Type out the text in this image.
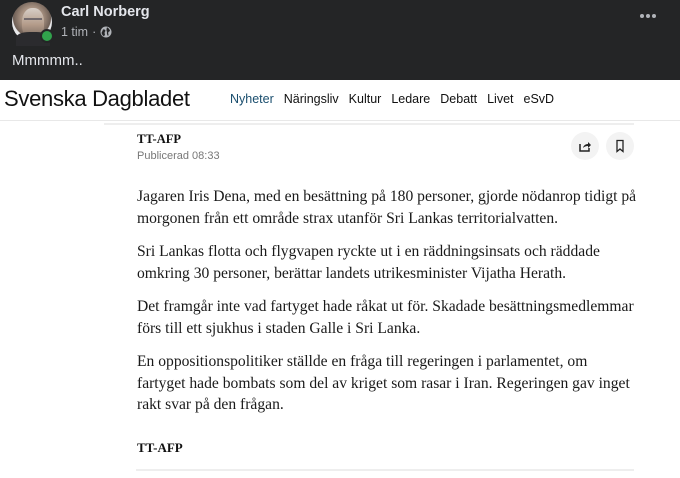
Carl Norberg
1 tim ·
Mmmmm..
Svenska Dagbladet	Nyheter Näringsliv Kultur Ledare Debatt Livet eSvD
TT-AFP
Publicerad 08:33

Jagaren Iris Dena, med en besättning på 180 personer, gjorde nödanrop tidigt på morgonen från ett område strax utanför Sri Lankas territorialvatten.

Sri Lankas flotta och flygvapen ryckte ut i en räddningsinsats och räddade omkring 30 personer, berättar landets utrikesminister Vijatha Herath.

Det framgår inte vad fartyget hade råkat ut för. Skadade besättningsmedlemmar förs till ett sjukhus i staden Galle i Sri Lanka.

En oppositionspolitiker ställde en fråga till regeringen i parlamentet, om fartyget hade bombats som del av kriget som rasar i Iran. Regeringen gav inget rakt svar på den frågan.

TT-AFP
